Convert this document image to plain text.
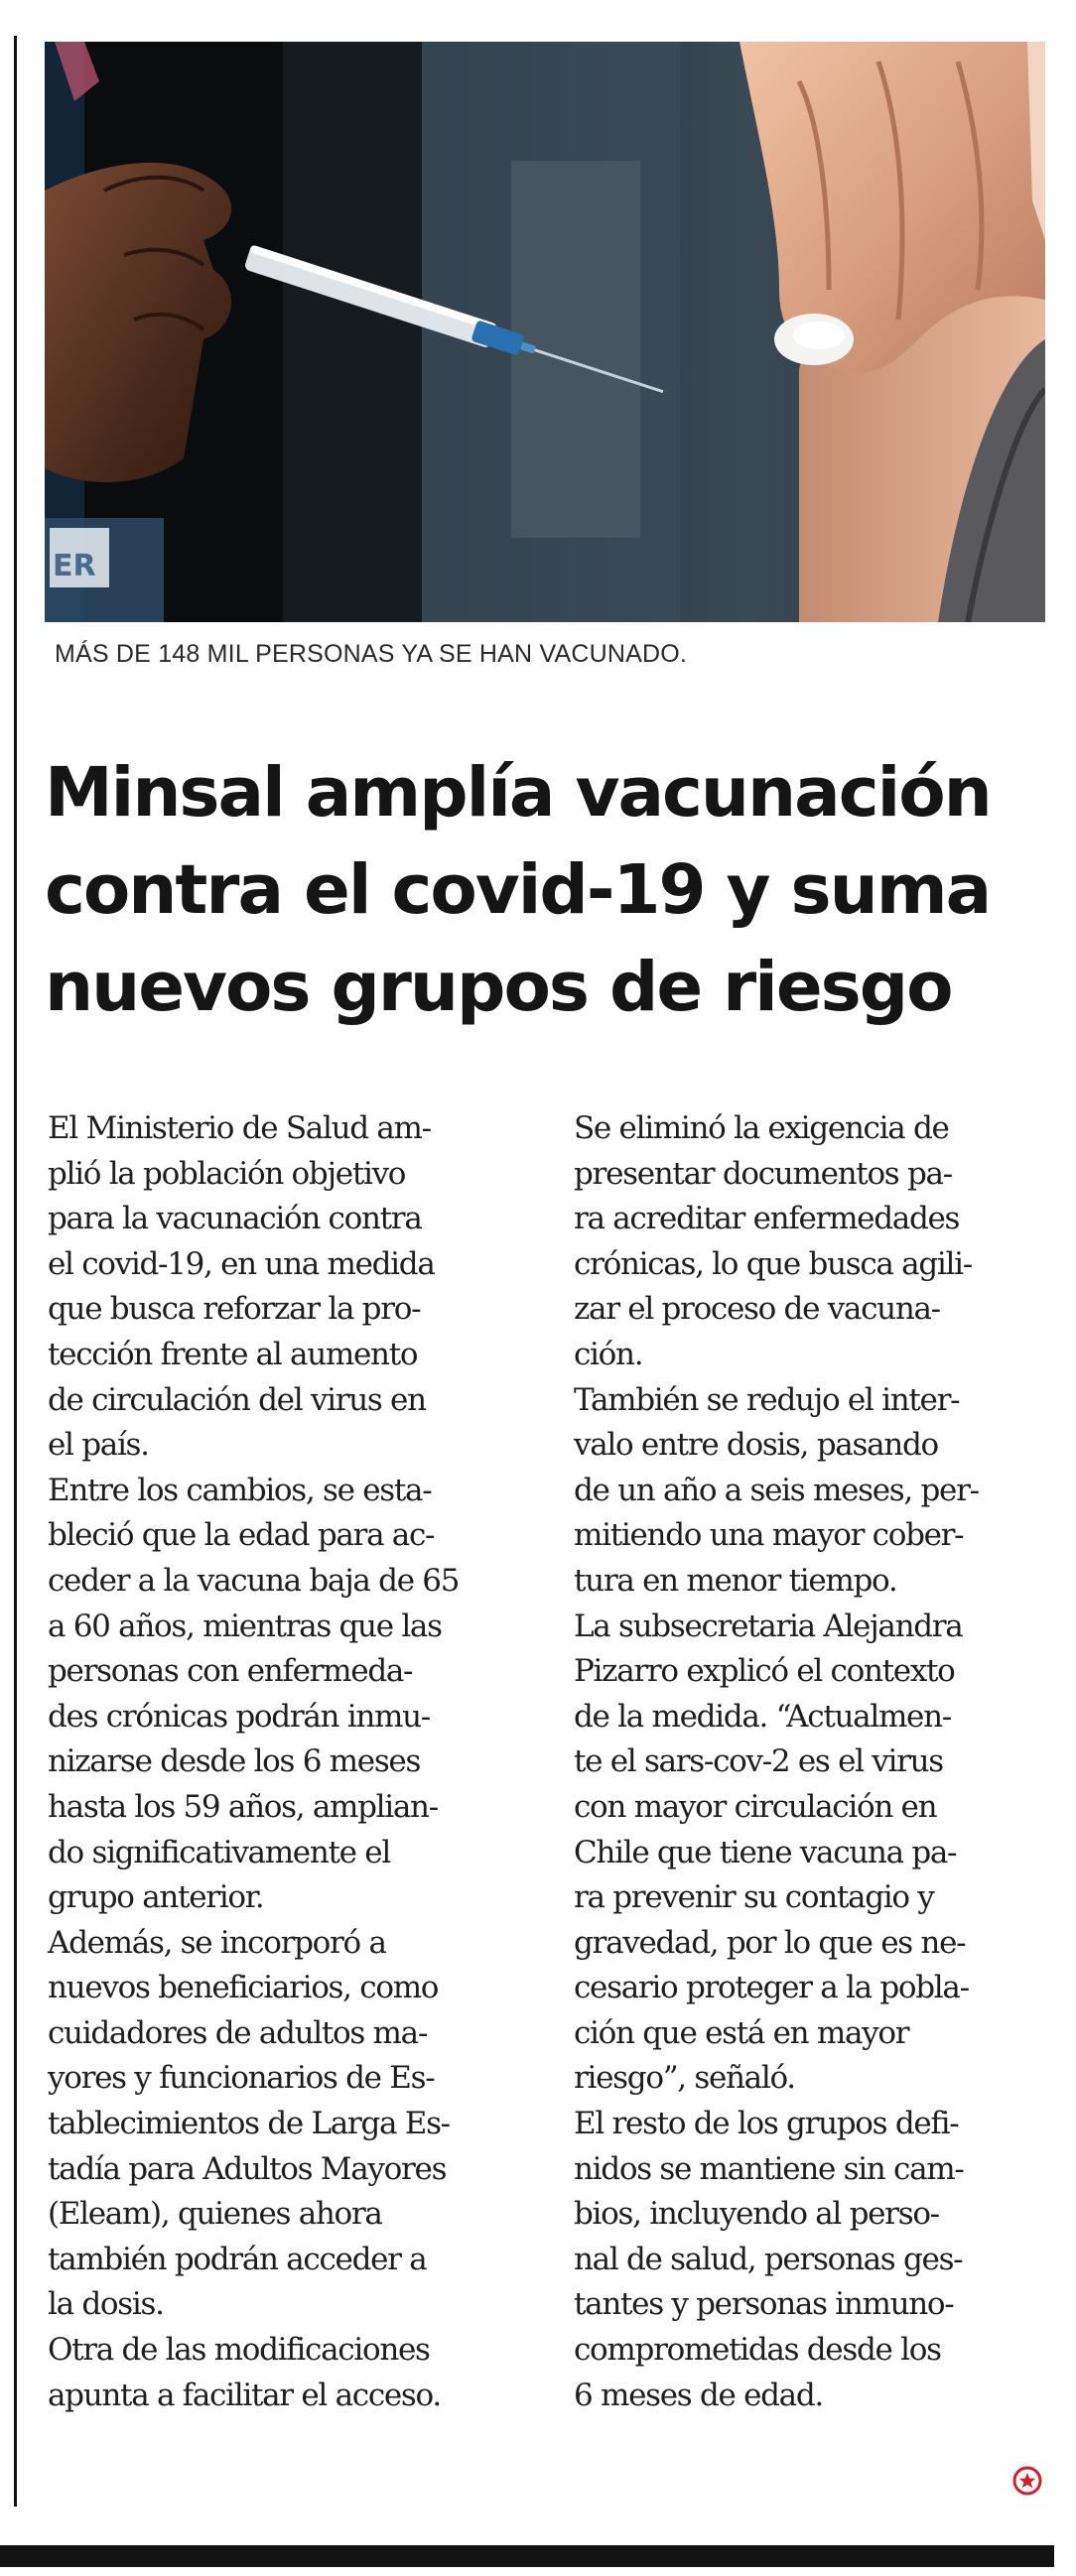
ER
MÁS DE 148 MIL PERSONAS YA SE HAN VACUNADO.
Minsal amplía vacunación
contra el covid-19 y suma
nuevos grupos de riesgo
El Ministerio de Salud am-
plió la población objetivo
para la vacunación contra
el covid-19, en una medida
que busca reforzar la pro-
tección frente al aumento
de circulación del virus en
el país.
Entre los cambios, se esta-
bleció que la edad para ac-
ceder a la vacuna baja de 65
a 60 años, mientras que las
personas con enfermeda-
des crónicas podrán inmu-
nizarse desde los 6 meses
hasta los 59 años, amplian-
do significativamente el
grupo anterior.
Además, se incorporó a
nuevos beneficiarios, como
cuidadores de adultos ma-
yores y funcionarios de Es-
tablecimientos de Larga Es-
tadía para Adultos Mayores
(Eleam), quienes ahora
también podrán acceder a
la dosis.
Otra de las modificaciones
apunta a facilitar el acceso.
Se eliminó la exigencia de
presentar documentos pa-
ra acreditar enfermedades
crónicas, lo que busca agili-
zar el proceso de vacuna-
ción.
También se redujo el inter-
valo entre dosis, pasando
de un año a seis meses, per-
mitiendo una mayor cober-
tura en menor tiempo.
La subsecretaria Alejandra
Pizarro explicó el contexto
de la medida. “Actualmen-
te el sars-cov-2 es el virus
con mayor circulación en
Chile que tiene vacuna pa-
ra prevenir su contagio y
gravedad, por lo que es ne-
cesario proteger a la pobla-
ción que está en mayor
riesgo”, señaló.
El resto de los grupos defi-
nidos se mantiene sin cam-
bios, incluyendo al perso-
nal de salud, personas ges-
tantes y personas inmuno-
comprometidas desde los
6 meses de edad.
